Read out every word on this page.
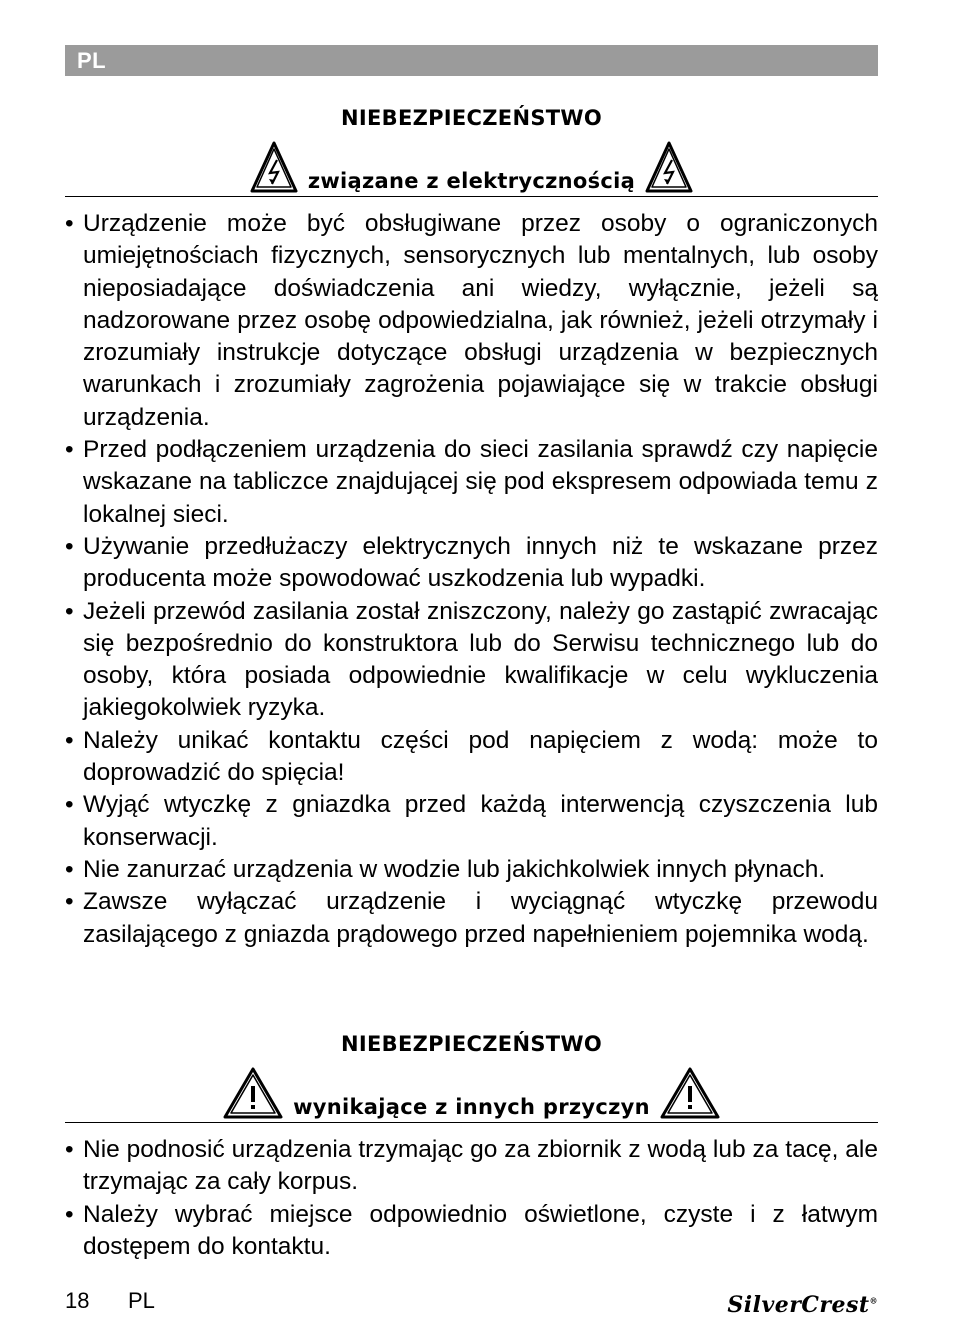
PL
NIEBEZPIECZEŃSTWO
związane z elektrycznością
• Urządzenie może być obsługiwane przez osoby o ograniczonych umiejętnościach fizycznych, sensorycznych lub mentalnych, lub osoby nieposiadające doświadczenia ani wiedzy, wyłącznie, jeżeli są nadzorowane przez osobę odpowiedzialna, jak również, jeżeli otrzymały i zrozumiały instrukcje dotyczące obsługi urządzenia w bezpiecznych warunkach i zrozumiały zagrożenia pojawiające się w trakcie obsługi urządzenia.
• Przed podłączeniem urządzenia do sieci zasilania sprawdź czy napięcie wskazane na tabliczce znajdującej się pod ekspresem odpowiada temu z lokalnej sieci.
• Używanie przedłużaczy elektrycznych innych niż te wskazane przez producenta może spowodować uszkodzenia lub wypadki.
• Jeżeli przewód zasilania został zniszczony, należy go zastąpić zwracając się bezpośrednio do konstruktora lub do Serwisu technicznego lub do osoby, która posiada odpowiednie kwalifikacje w celu wykluczenia jakiegokolwiek ryzyka.
• Należy unikać kontaktu części pod napięciem z wodą: może to doprowadzić do spięcia!
• Wyjąć wtyczkę z gniazdka przed każdą interwencją czyszczenia lub konserwacji.
• Nie zanurzać urządzenia w wodzie lub jakichkolwiek innych płynach.
• Zawsze wyłączać urządzenie i wyciągnąć wtyczkę przewodu zasilającego z gniazda prądowego przed napełnieniem pojemnika wodą.
NIEBEZPIECZEŃSTWO
wynikające z innych przyczyn
• Nie podnosić urządzenia trzymając go za zbiornik z wodą lub za tacę, ale trzymając za cały korpus.
• Należy wybrać miejsce odpowiednio oświetlone, czyste i z łatwym dostępem do kontaktu.
18 PL	SilverCrest®
